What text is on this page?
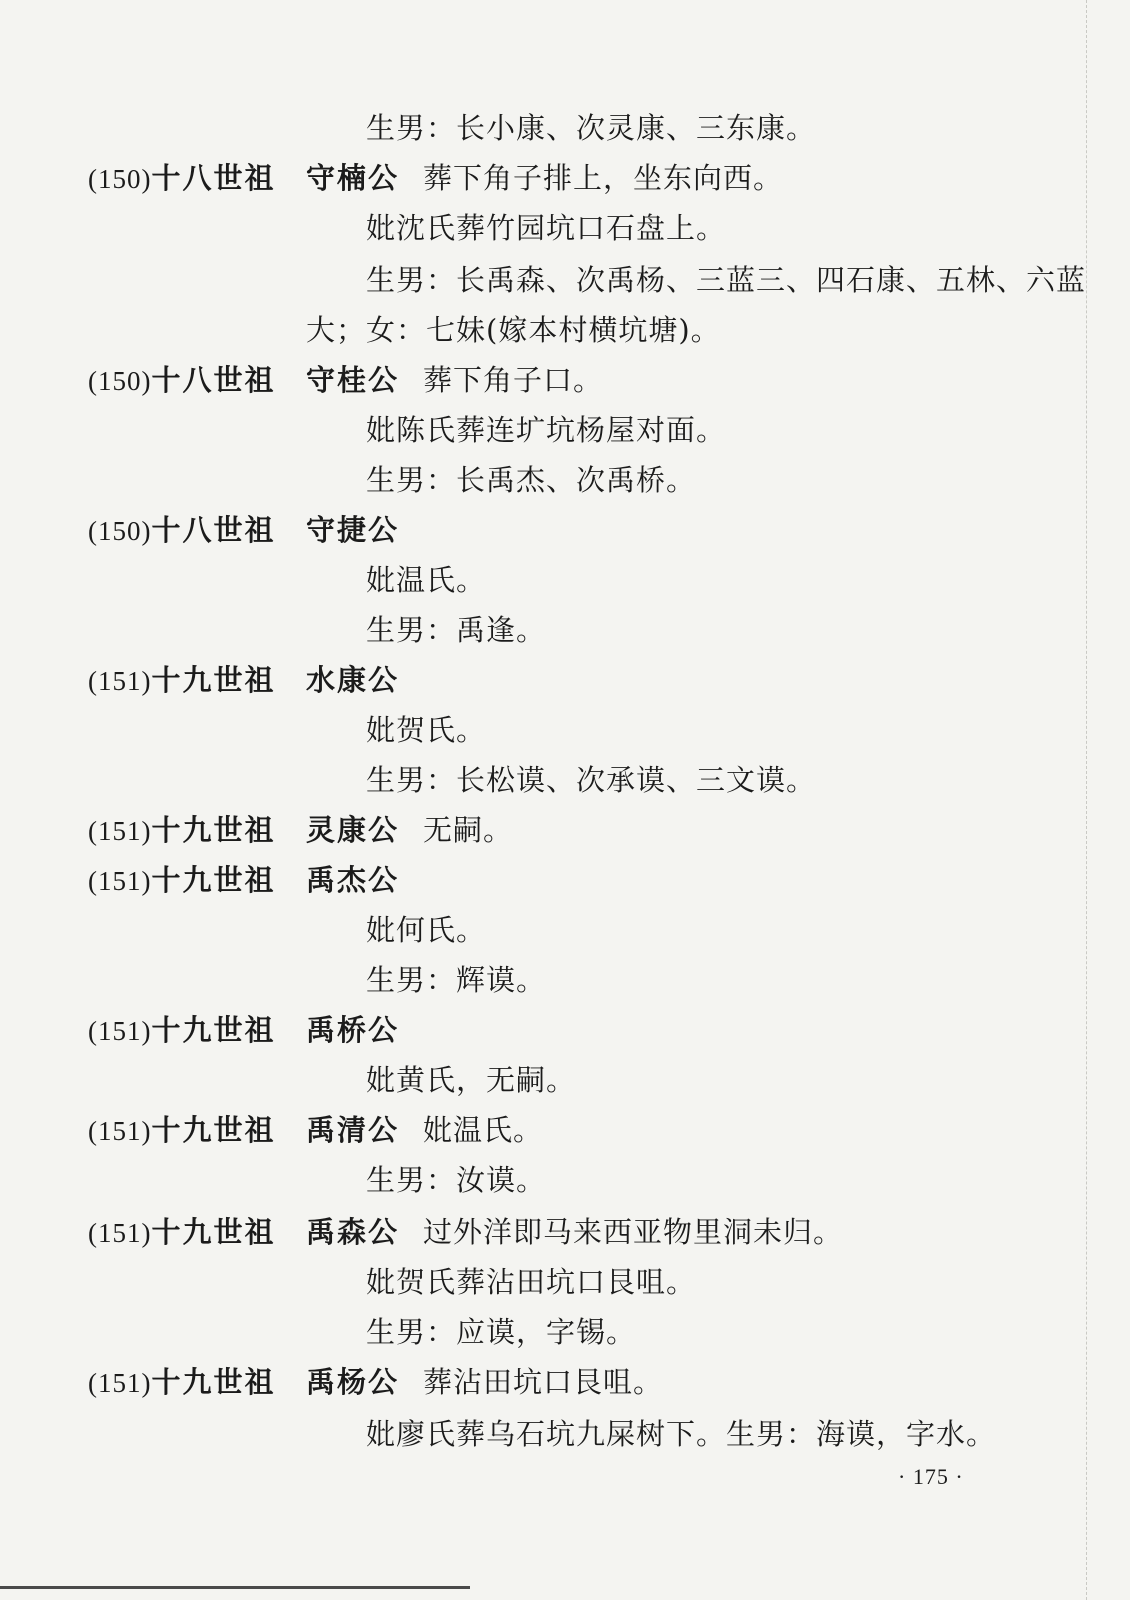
生男：长小康、次灵康、三东康。
(150)十八世祖 守楠公 葬下角子排上，坐东向西。
妣沈氏葬竹园坑口石盘上。
生男：长禹森、次禹杨、三蓝三、四石康、五林、六蓝
大；女：七妹(嫁本村横坑塘)。
(150)十八世祖 守桂公 葬下角子口。
妣陈氏葬连圹坑杨屋对面。
生男：长禹杰、次禹桥。
(150)十八世祖 守捷公
妣温氏。
生男：禹逢。
(151)十九世祖 水康公
妣贺氏。
生男：长松谟、次承谟、三文谟。
(151)十九世祖 灵康公 无嗣。
(151)十九世祖 禹杰公
妣何氏。
生男：辉谟。
(151)十九世祖 禹桥公
妣黄氏，无嗣。
(151)十九世祖 禹清公 妣温氏。
生男：汝谟。
(151)十九世祖 禹森公 过外洋即马来西亚物里洞未归。
妣贺氏葬沾田坑口艮咀。
生男：应谟，字锡。
(151)十九世祖 禹杨公 葬沾田坑口艮咀。
妣廖氏葬乌石坑九屎树下。生男：海谟，字水。
· 175 ·
